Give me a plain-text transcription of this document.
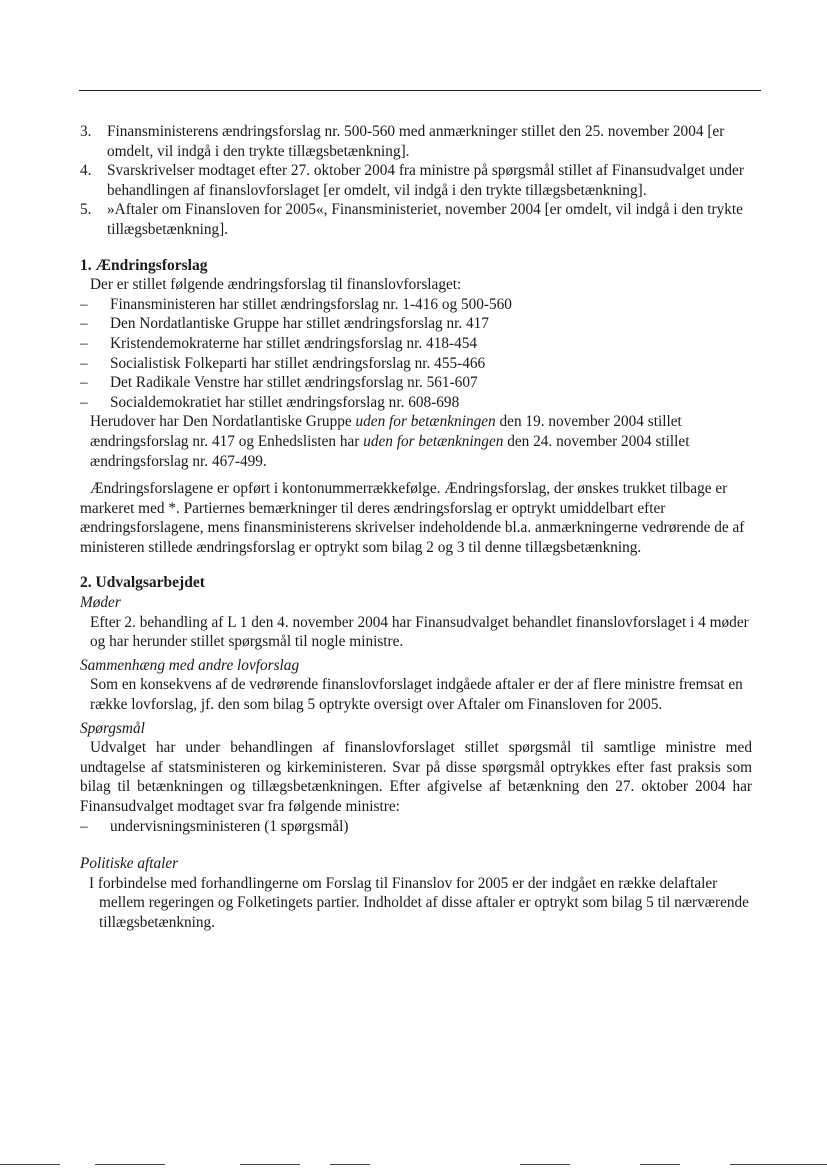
3.	Finansministerens ændringsforslag nr. 500-560 med anmærkninger stillet den 25. november 2004 [er omdelt, vil indgå i den trykte tillægsbetænkning].
4.	Svarskrivelser modtaget efter 27. oktober 2004 fra ministre på spørgsmål stillet af Finansudvalget under behandlingen af finanslovforslaget [er omdelt, vil indgå i den trykte tillægsbetænkning].
5.	»Aftaler om Finansloven for 2005«, Finansministeriet, november 2004 [er omdelt, vil indgå i den trykte tillægsbetænkning].
1. Ændringsforslag

Der er stillet følgende ændringsforslag til finanslovforslaget:

–	Finansministeren har stillet ændringsforslag nr. 1-416 og 500-560
–	Den Nordatlantiske Gruppe har stillet ændringsforslag nr. 417
–	Kristendemokraterne har stillet ændringsforslag nr. 418-454
–	Socialistisk Folkeparti har stillet ændringsforslag nr. 455-466
–	Det Radikale Venstre har stillet ændringsforslag nr. 561-607
–	Socialdemokratiet har stillet ændringsforslag nr. 608-698

Herudover har Den Nordatlantiske Gruppe uden for betænkningen den 19. november 2004 stillet ændringsforslag nr. 417 og Enhedslisten har uden for betænkningen den 24. november 2004 stillet ændringsforslag nr. 467-499.

Ændringsforslagene er opført i kontonummerrækkefølge. Ændringsforslag, der ønskes trukket tilbage er markeret med *. Partiernes bemærkninger til deres ændringsforslag er optrykt umiddelbart efter ændringsforslagene, mens finansministerens skrivelser indeholdende bl.a. anmærkningerne vedrørende de af ministeren stillede ændringsforslag er optrykt som bilag 2 og 3 til denne tillægsbetænkning.

2. Udvalgsarbejdet

Møder

Efter 2. behandling af L 1 den 4. november 2004 har Finansudvalget behandlet finanslovforslaget i 4 møder og har herunder stillet spørgsmål til nogle ministre.

Sammenhæng med andre lovforslag

Som en konsekvens af de vedrørende finanslovforslaget indgåede aftaler er der af flere ministre fremsat en række lovforslag, jf. den som bilag 5 optrykte oversigt over Aftaler om Finansloven for 2005.

Spørgsmål

Udvalget har under behandlingen af finanslovforslaget stillet spørgsmål til samtlige ministre med undtagelse af statsministeren og kirkeministeren. Svar på disse spørgsmål optrykkes efter fast praksis som bilag til betænkningen og tillægsbetænkningen. Efter afgivelse af betænkning den 27. oktober 2004 har Finansudvalget modtaget svar fra følgende ministre:

–	undervisningsministeren (1 spørgsmål)

Politiske aftaler

I forbindelse med forhandlingerne om Forslag til Finanslov for 2005 er der indgået en række delaftaler mellem regeringen og Folketingets partier. Indholdet af disse aftaler er optrykt som bilag 5 til nærværende tillægsbetænkning.
